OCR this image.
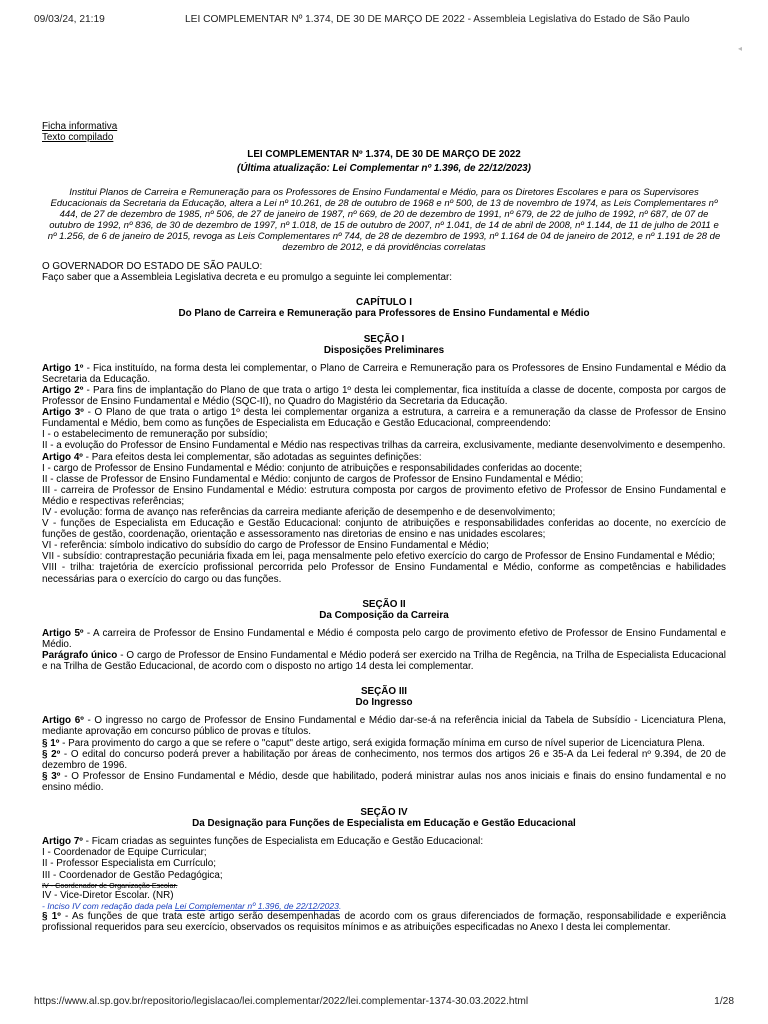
09/03/24, 21:19	LEI COMPLEMENTAR Nº 1.374, DE 30 DE MARÇO DE 2022 - Assembleia Legislativa do Estado de São Paulo
◂
Ficha informativa
Texto compilado
LEI COMPLEMENTAR Nº 1.374, DE 30 DE MARÇO DE 2022
(Última atualização: Lei Complementar nº 1.396, de 22/12/2023)
Institui Planos de Carreira e Remuneração para os Professores de Ensino Fundamental e Médio, para os Diretores Escolares e para os Supervisores Educacionais da Secretaria da Educação, altera a Lei nº 10.261, de 28 de outubro de 1968 e nº 500, de 13 de novembro de 1974, as Leis Complementares nº 444, de 27 de dezembro de 1985, nº 506, de 27 de janeiro de 1987, nº 669, de 20 de dezembro de 1991, nº 679, de 22 de julho de 1992, nº 687, de 07 de outubro de 1992, nº 836, de 30 de dezembro de 1997, nº 1.018, de 15 de outubro de 2007, nº 1.041, de 14 de abril de 2008, nº 1.144, de 11 de julho de 2011 e nº 1.256, de 6 de janeiro de 2015, revoga as Leis Complementares nº 744, de 28 de dezembro de 1993, nº 1.164 de 04 de janeiro de 2012, e nº 1.191 de 28 de dezembro de 2012, e dá providências correlatas
O GOVERNADOR DO ESTADO DE SÃO PAULO:
Faço saber que a Assembleia Legislativa decreta e eu promulgo a seguinte lei complementar:
CAPÍTULO I
Do Plano de Carreira e Remuneração para Professores de Ensino Fundamental e Médio
SEÇÃO I
Disposições Preliminares
Artigo 1º - Fica instituído, na forma desta lei complementar, o Plano de Carreira e Remuneração para os Professores de Ensino Fundamental e Médio da Secretaria da Educação.
Artigo 2º - Para fins de implantação do Plano de que trata o artigo 1º desta lei complementar, fica instituída a classe de docente, composta por cargos de Professor de Ensino Fundamental e Médio (SQC-II), no Quadro do Magistério da Secretaria da Educação.
Artigo 3º - O Plano de que trata o artigo 1º desta lei complementar organiza a estrutura, a carreira e a remuneração da classe de Professor de Ensino Fundamental e Médio, bem como as funções de Especialista em Educação e Gestão Educacional, compreendendo:
I - o estabelecimento de remuneração por subsídio;
II - a evolução do Professor de Ensino Fundamental e Médio nas respectivas trilhas da carreira, exclusivamente, mediante desenvolvimento e desempenho.
Artigo 4º - Para efeitos desta lei complementar, são adotadas as seguintes definições:
I - cargo de Professor de Ensino Fundamental e Médio: conjunto de atribuições e responsabilidades conferidas ao docente;
II - classe de Professor de Ensino Fundamental e Médio: conjunto de cargos de Professor de Ensino Fundamental e Médio;
III - carreira de Professor de Ensino Fundamental e Médio: estrutura composta por cargos de provimento efetivo de Professor de Ensino Fundamental e Médio e respectivas referências;
IV - evolução: forma de avanço nas referências da carreira mediante aferição de desempenho e de desenvolvimento;
V - funções de Especialista em Educação e Gestão Educacional: conjunto de atribuições e responsabilidades conferidas ao docente, no exercício de funções de gestão, coordenação, orientação e assessoramento nas diretorias de ensino e nas unidades escolares;
VI - referência: símbolo indicativo do subsídio do cargo de Professor de Ensino Fundamental e Médio;
VII - subsídio: contraprestação pecuniária fixada em lei, paga mensalmente pelo efetivo exercício do cargo de Professor de Ensino Fundamental e Médio;
VIII - trilha: trajetória de exercício profissional percorrida pelo Professor de Ensino Fundamental e Médio, conforme as competências e habilidades necessárias para o exercício do cargo ou das funções.
SEÇÃO II
Da Composição da Carreira
Artigo 5º - A carreira de Professor de Ensino Fundamental e Médio é composta pelo cargo de provimento efetivo de Professor de Ensino Fundamental e Médio.
Parágrafo único - O cargo de Professor de Ensino Fundamental e Médio poderá ser exercido na Trilha de Regência, na Trilha de Especialista Educacional e na Trilha de Gestão Educacional, de acordo com o disposto no artigo 14 desta lei complementar.
SEÇÃO III
Do Ingresso
Artigo 6º - O ingresso no cargo de Professor de Ensino Fundamental e Médio dar-se-á na referência inicial da Tabela de Subsídio - Licenciatura Plena, mediante aprovação em concurso público de provas e títulos.
§ 1º - Para provimento do cargo a que se refere o "caput" deste artigo, será exigida formação mínima em curso de nível superior de Licenciatura Plena.
§ 2º - O edital do concurso poderá prever a habilitação por áreas de conhecimento, nos termos dos artigos 26 e 35-A da Lei federal nº 9.394, de 20 de dezembro de 1996.
§ 3º - O Professor de Ensino Fundamental e Médio, desde que habilitado, poderá ministrar aulas nos anos iniciais e finais do ensino fundamental e no ensino médio.
SEÇÃO IV
Da Designação para Funções de Especialista em Educação e Gestão Educacional
Artigo 7º - Ficam criadas as seguintes funções de Especialista em Educação e Gestão Educacional:
I - Coordenador de Equipe Curricular;
II - Professor Especialista em Currículo;
III - Coordenador de Gestão Pedagógica;
IV - Coordenador de Organização Escolar.
IV - Vice-Diretor Escolar. (NR)
- Inciso IV com redação dada pela Lei Complementar nº 1.396, de 22/12/2023.
§ 1º - As funções de que trata este artigo serão desempenhadas de acordo com os graus diferenciados de formação, responsabilidade e experiência profissional requeridos para seu exercício, observados os requisitos mínimos e as atribuições especificadas no Anexo I desta lei complementar.
https://www.al.sp.gov.br/repositorio/legislacao/lei.complementar/2022/lei.complementar-1374-30.03.2022.html	1/28
